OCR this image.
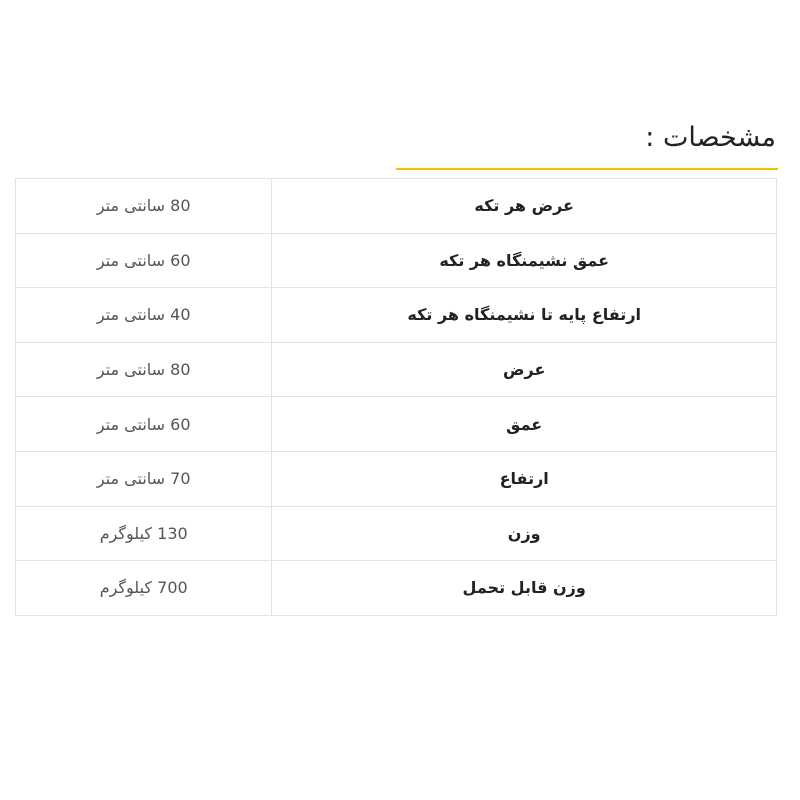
مشخصات :
عرض هر تکه	80 سانتی متر
عمق نشیمنگاه هر تکه	60 سانتی متر
ارتفاع پایه تا نشیمنگاه هر تکه	40 سانتی متر
عرض	80 سانتی متر
عمق	60 سانتی متر
ارتفاع	70 سانتی متر
وزن	130 کیلوگرم
وزن قابل تحمل	700 کیلوگرم
